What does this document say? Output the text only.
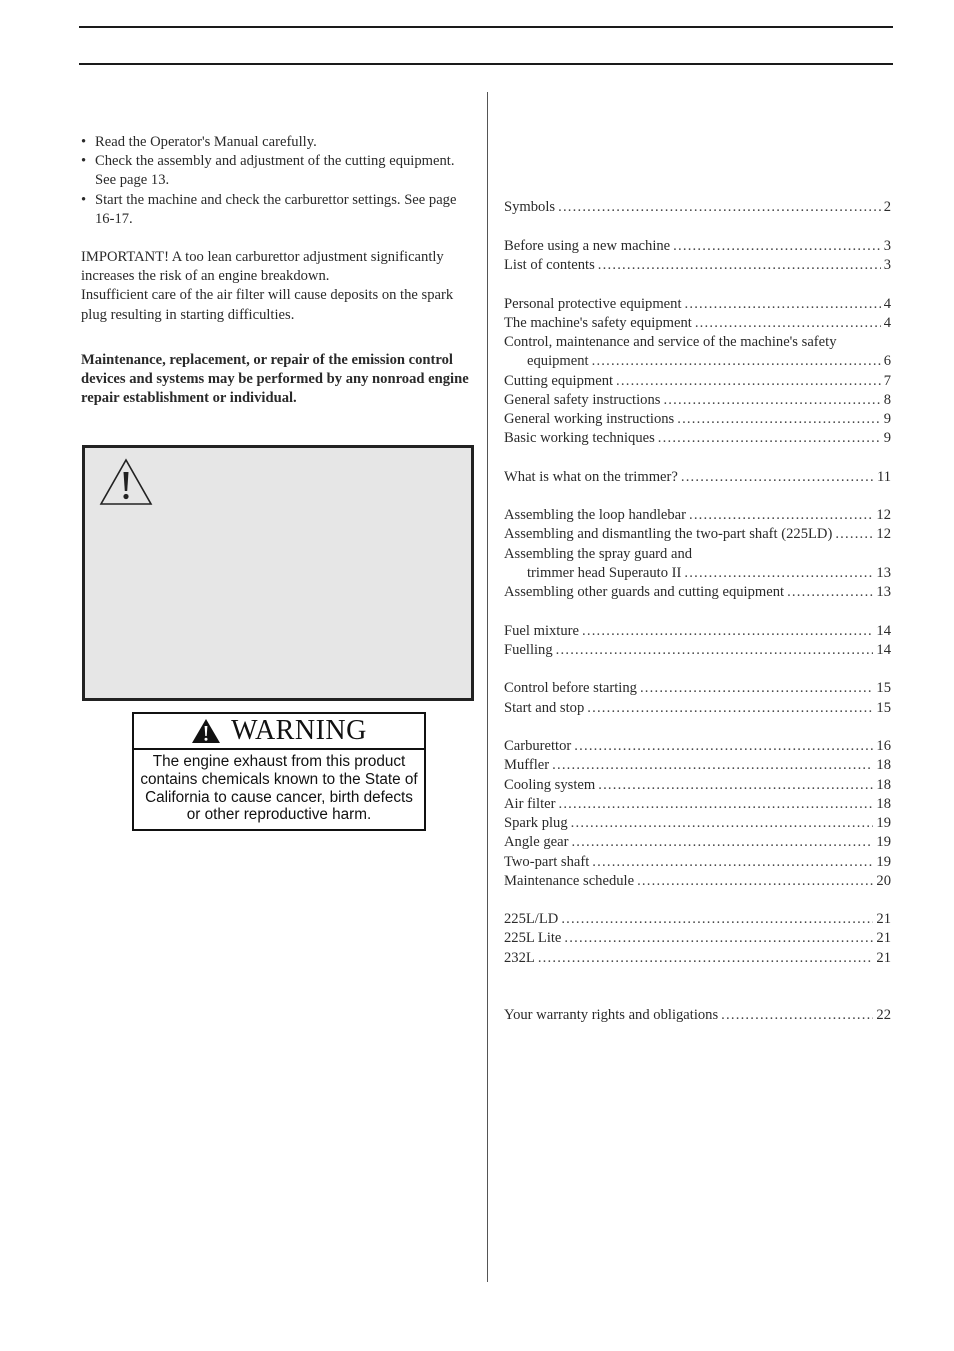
• Read the Operator's Manual carefully.
• Check the assembly and adjustment of the cutting equipment. See page 13.
• Start the machine and check the carburettor settings. See page 16-17.

IMPORTANT! A too lean carburettor adjustment significantly increases the risk of an engine breakdown.

Insufficient care of the air filter will cause deposits on the spark plug resulting in starting difficulties.

Maintenance, replacement, or repair of the emission control devices and systems may be performed by any nonroad engine repair establishment or individual.

WARNING
The engine exhaust from this product contains chemicals known to the State of California to cause cancer, birth defects or other reproductive harm.
Symbols .....	2
Before using a new machine .....	3
List of contents .....	3
Personal protective equipment .....	4
The machine's safety equipment .....	4
Control, maintenance and service of the machine's safety
equipment .....	6
Cutting equipment .....	7
General safety instructions .....	8
General working instructions .....	9
Basic working techniques .....	9
What is what on the trimmer? .....	11
Assembling the loop handlebar .....	12
Assembling and dismantling the two-part shaft (225LD) .....	12
Assembling the spray guard and
trimmer head Superauto II .....	13
Assembling other guards and cutting equipment .....	13
Fuel mixture .....	14
Fuelling .....	14
Control before starting .....	15
Start and stop .....	15
Carburettor .....	16
Muffler .....	18
Cooling system .....	18
Air filter .....	18
Spark plug .....	19
Angle gear .....	19
Two-part shaft .....	19
Maintenance schedule .....	20
225L/LD .....	21
225L Lite .....	21
232L .....	21
Your warranty rights and obligations .....	22
